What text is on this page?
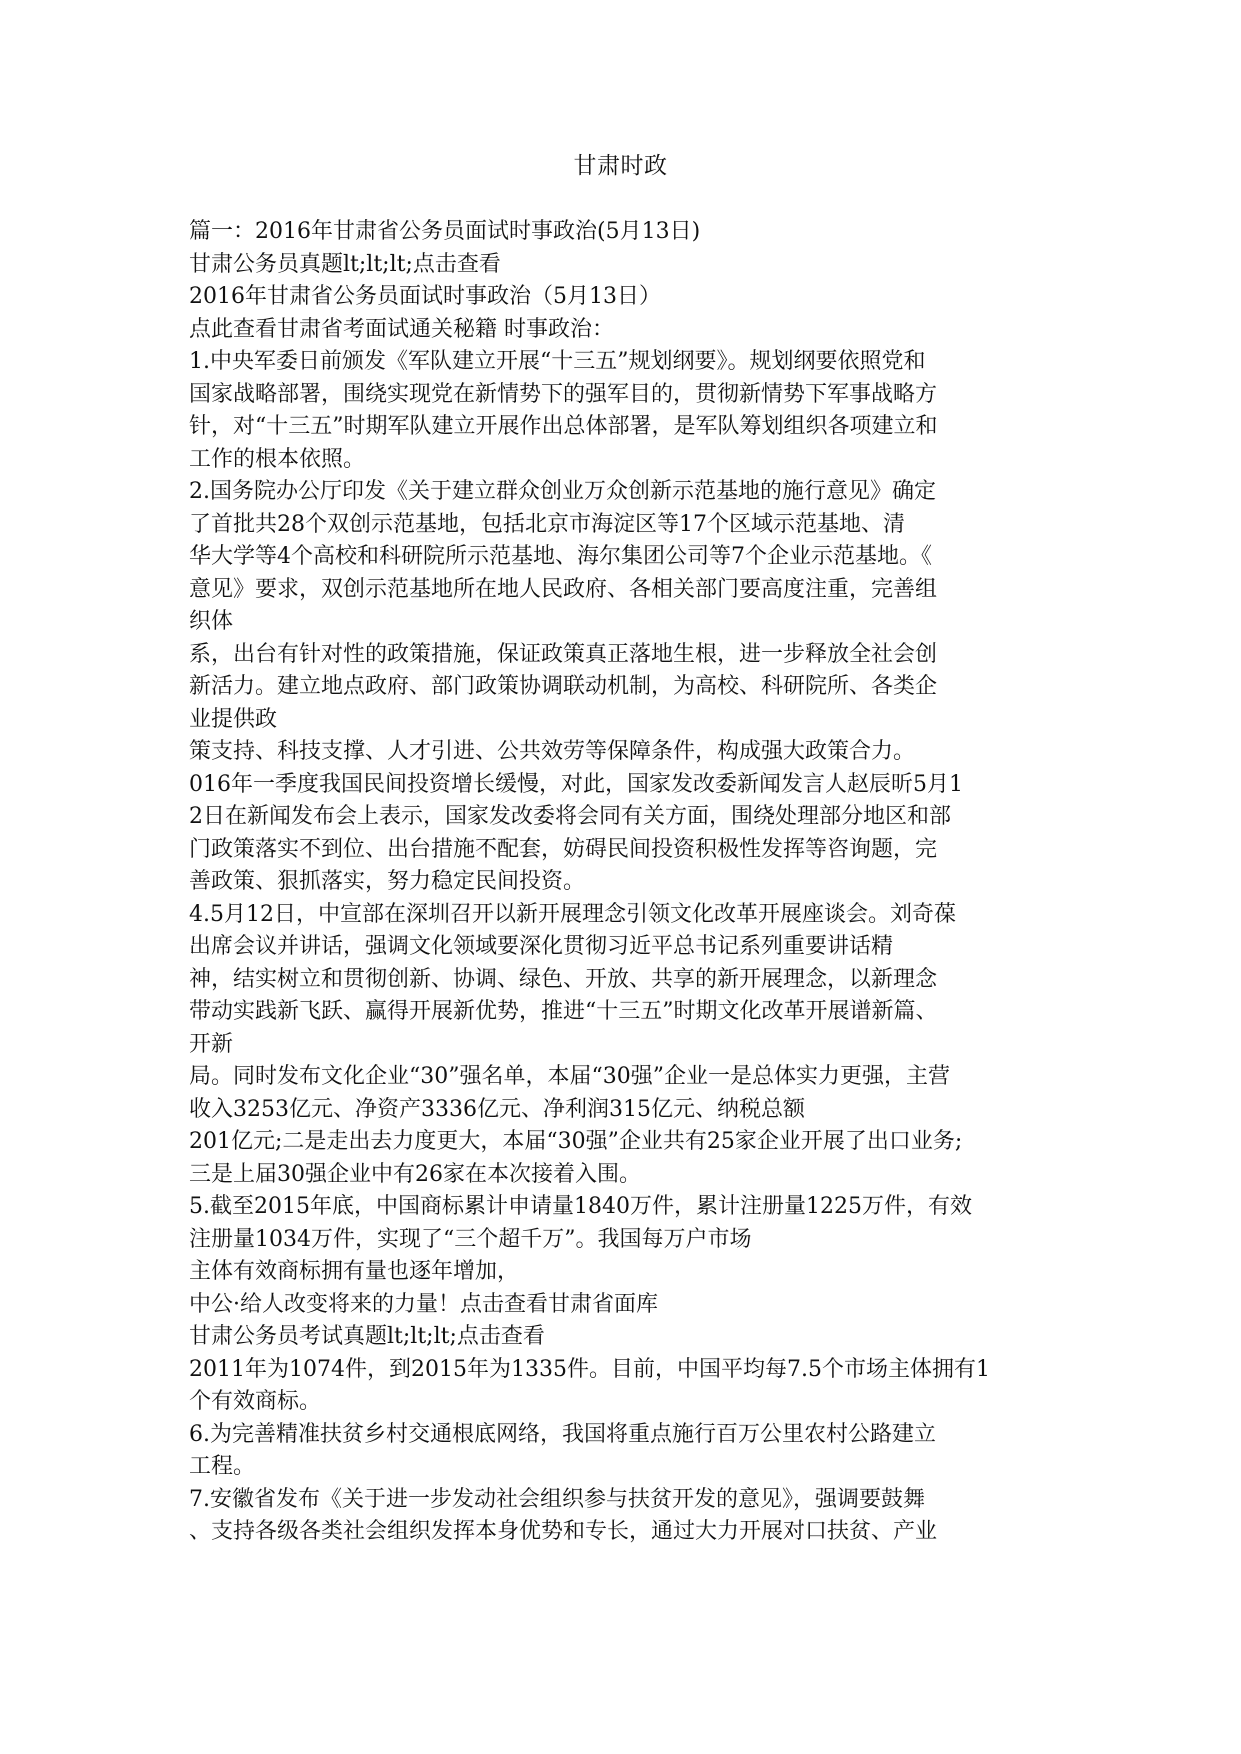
甘肃时政
篇一：2016年甘肃省公务员面试时事政治(5月13日)
甘肃公务员真题lt;lt;lt;点击查看
2016年甘肃省公务员面试时事政治（5月13日）
点此查看甘肃省考面试通关秘籍 时事政治：
1.中央军委日前颁发《军队建立开展“十三五”规划纲要》。规划纲要依照党和
国家战略部署，围绕实现党在新情势下的强军目的，贯彻新情势下军事战略方
针，对“十三五”时期军队建立开展作出总体部署，是军队筹划组织各项建立和
工作的根本依照。
2.国务院办公厅印发《关于建立群众创业万众创新示范基地的施行意见》确定
了首批共28个双创示范基地，包括北京市海淀区等17个区域示范基地、清
华大学等4个高校和科研院所示范基地、海尔集团公司等7个企业示范基地。《
意见》要求，双创示范基地所在地人民政府、各相关部门要高度注重，完善组
织体
系，出台有针对性的政策措施，保证政策真正落地生根，进一步释放全社会创
新活力。建立地点政府、部门政策协调联动机制，为高校、科研院所、各类企
业提供政
策支持、科技支撑、人才引进、公共效劳等保障条件，构成强大政策合力。
016年一季度我国民间投资增长缓慢，对此，国家发改委新闻发言人赵辰昕5月1
2日在新闻发布会上表示，国家发改委将会同有关方面，围绕处理部分地区和部
门政策落实不到位、出台措施不配套，妨碍民间投资积极性发挥等咨询题，完
善政策、狠抓落实，努力稳定民间投资。
4.5月12日，中宣部在深圳召开以新开展理念引领文化改革开展座谈会。刘奇葆
出席会议并讲话，强调文化领域要深化贯彻习近平总书记系列重要讲话精
神，结实树立和贯彻创新、协调、绿色、开放、共享的新开展理念，以新理念
带动实践新飞跃、赢得开展新优势，推进“十三五”时期文化改革开展谱新篇、
开新
局。同时发布文化企业“30”强名单，本届“30强”企业一是总体实力更强，主营
收入3253亿元、净资产3336亿元、净利润315亿元、纳税总额
201亿元;二是走出去力度更大，本届“30强”企业共有25家企业开展了出口业务;
三是上届30强企业中有26家在本次接着入围。
5.截至2015年底，中国商标累计申请量1840万件，累计注册量1225万件，有效
注册量1034万件，实现了“三个超千万”。我国每万户市场
主体有效商标拥有量也逐年增加，
中公·给人改变将来的力量！点击查看甘肃省面库
甘肃公务员考试真题lt;lt;lt;点击查看
2011年为1074件，到2015年为1335件。目前，中国平均每7.5个市场主体拥有1
个有效商标。
6.为完善精准扶贫乡村交通根底网络，我国将重点施行百万公里农村公路建立
工程。
7.安徽省发布《关于进一步发动社会组织参与扶贫开发的意见》，强调要鼓舞
、支持各级各类社会组织发挥本身优势和专长，通过大力开展对口扶贫、产业
